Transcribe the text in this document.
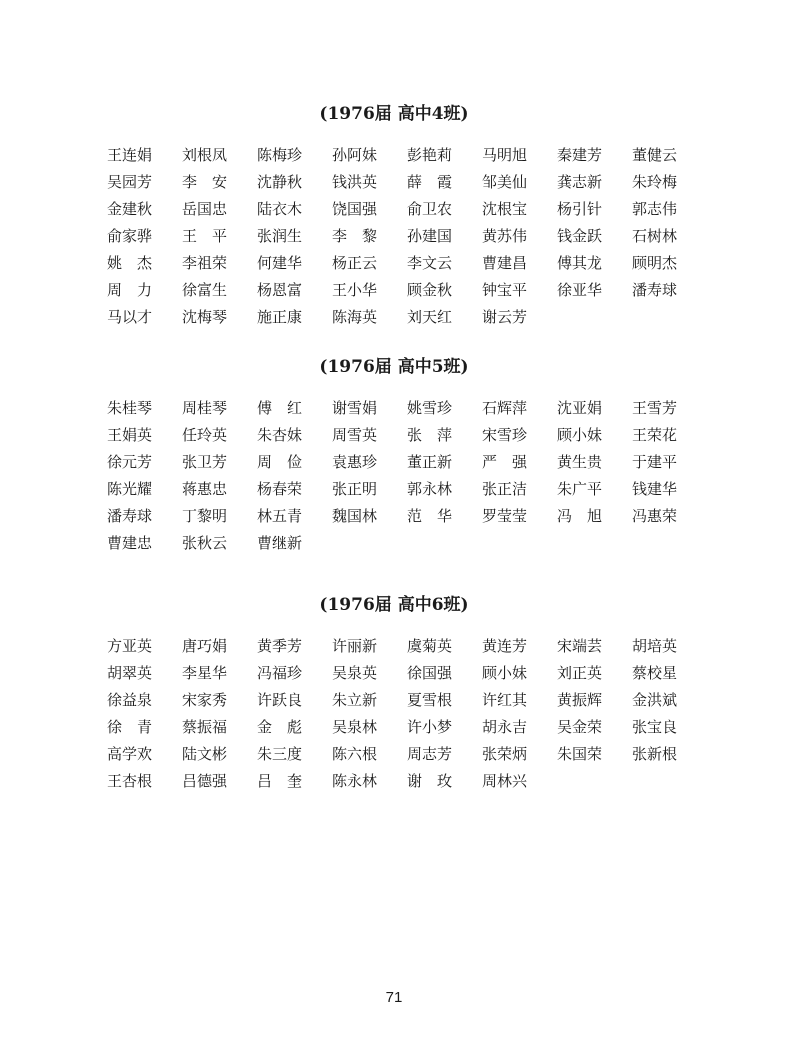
(1976届 高中4班)
王连娟	刘根凤	陈梅珍	孙阿妹	彭艳莉	马明旭	秦建芳	董健云
吴园芳	李　安	沈静秋	钱洪英	薛　霞	邹美仙	龚志新	朱玲梅
金建秋	岳国忠	陆衣木	饶国强	俞卫农	沈根宝	杨引针	郭志伟
俞家骅	王　平	张润生	李　黎	孙建国	黄苏伟	钱金跃	石树林
姚　杰	李祖荣	何建华	杨正云	李文云	曹建昌	傅其龙	顾明杰
周　力	徐富生	杨恩富	王小华	顾金秋	钟宝平	徐亚华	潘寿球
马以才	沈梅琴	施正康	陈海英	刘天红	谢云芳
(1976届 高中5班)
朱桂琴	周桂琴	傅　红	谢雪娟	姚雪珍	石辉萍	沈亚娟	王雪芳
王娟英	任玲英	朱杏妹	周雪英	张　萍	宋雪珍	顾小妹	王荣花
徐元芳	张卫芳	周　俭	袁惠珍	董正新	严　强	黄生贵	于建平
陈光耀	蒋惠忠	杨春荣	张正明	郭永林	张正洁	朱广平	钱建华
潘寿球	丁黎明	林五青	魏国林	范　华	罗莹莹	冯　旭	冯惠荣
曹建忠	张秋云	曹继新
(1976届 高中6班)
方亚英	唐巧娟	黄季芳	许丽新	虞菊英	黄连芳	宋端芸	胡培英
胡翠英	李星华	冯福珍	吴泉英	徐国强	顾小妹	刘正英	蔡校星
徐益泉	宋家秀	许跃良	朱立新	夏雪根	许红其	黄振辉	金洪斌
徐　青	蔡振福	金　彪	吴泉林	许小梦	胡永吉	吴金荣	张宝良
高学欢	陆文彬	朱三度	陈六根	周志芳	张荣炳	朱国荣	张新根
王杏根	吕德强	吕　奎	陈永林	谢　玫	周林兴
71
